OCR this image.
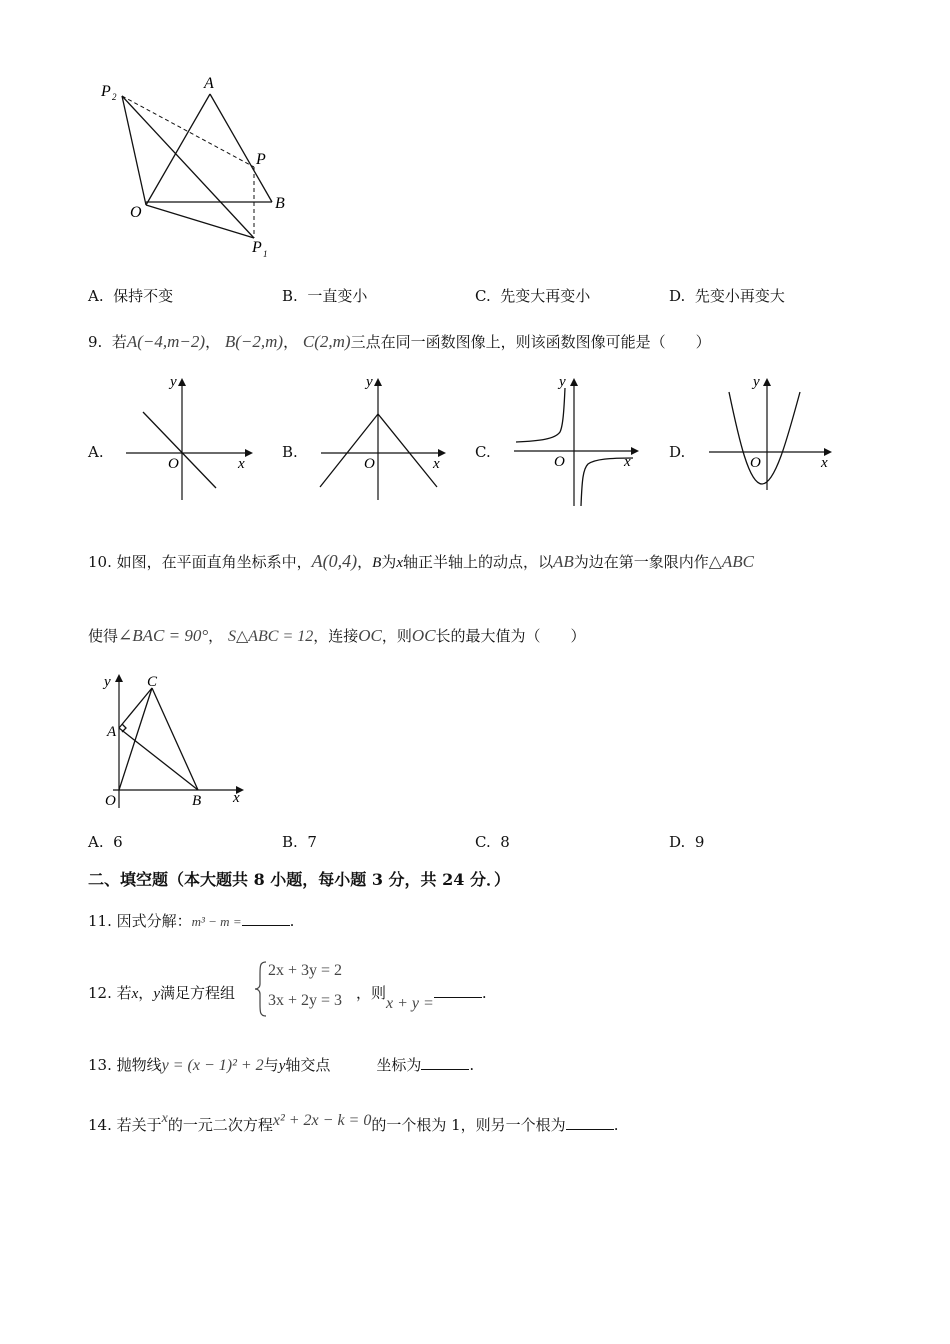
P 2
A
P
O
B
P 1
A. 保持不变	B. 一直变小	C. 先变大再变小	D. 先变小再变大
9. 若A(−4,m−2)， B(−2,m)， C(2,m)三点在同一函数图像上，则该函数图像可能是（　　）
A.
y
O	x
B.
y
O	x
C.
y
O	x
D.
y
O	x
10. 如图，在平面直角坐标系中，A(0,4)，B为x轴正半轴上的动点，以AB为边在第一象限内作△ABC
使得∠BAC = 90°， S△ABC = 12，连接OC，则OC长的最大值为（　　）
y C
A
O	B x
A. 6	B. 7	C. 8	D. 9
二、填空题（本大题共 8 小题，每小题 3 分，共 24 分．）
11. 因式分解：m³ − m =	.
12. 若x，y满足方程组
2x + 3y = 2
3x + 2y = 3 ，则x + y =.
13. 抛物线y = (x − 1)² + 2与y轴交点	坐标为	.
14. 若关于x的一元二次方程x² + 2x − k = 0的一个根为 1，则另一个根为	.
